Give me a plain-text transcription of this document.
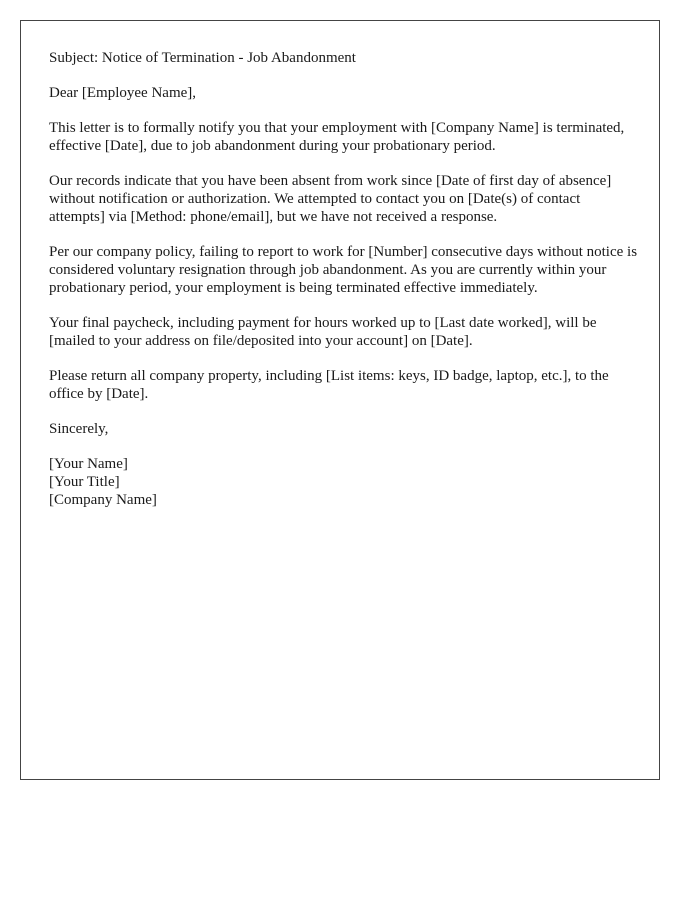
Subject: Notice of Termination - Job Abandonment

Dear [Employee Name],

This letter is to formally notify you that your employment with [Company Name] is terminated, effective [Date], due to job abandonment during your probationary period.

Our records indicate that you have been absent from work since [Date of first day of absence] without notification or authorization. We attempted to contact you on [Date(s) of contact attempts] via [Method: phone/email], but we have not received a response.

Per our company policy, failing to report to work for [Number] consecutive days without notice is considered voluntary resignation through job abandonment. As you are currently within your probationary period, your employment is being terminated effective immediately.

Your final paycheck, including payment for hours worked up to [Last date worked], will be [mailed to your address on file/deposited into your account] on [Date].

Please return all company property, including [List items: keys, ID badge, laptop, etc.], to the office by [Date].

Sincerely,

[Your Name]
[Your Title]
[Company Name]
